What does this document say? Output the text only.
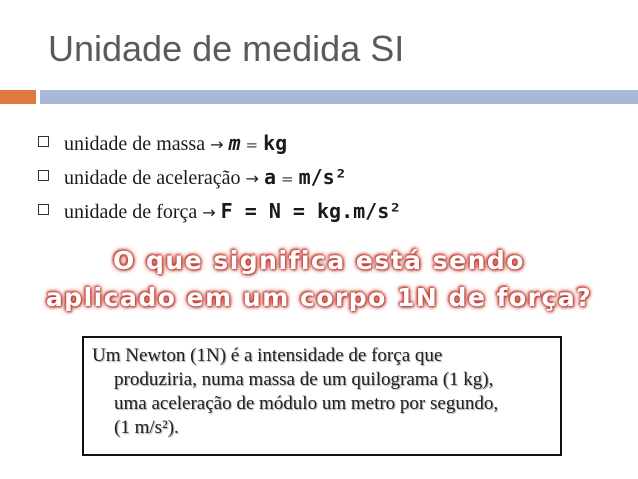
Unidade de medida SI
unidade de massa → m = kg
unidade de aceleração → a = m/s²
unidade de força → F = N = kg.m/s²
O que significa está sendo
aplicado em um corpo 1N de força?
Um Newton (1N) é a intensidade de força que
produziria, numa massa de um quilograma (1 kg),
uma aceleração de módulo um metro por segundo,
(1 m/s²).
